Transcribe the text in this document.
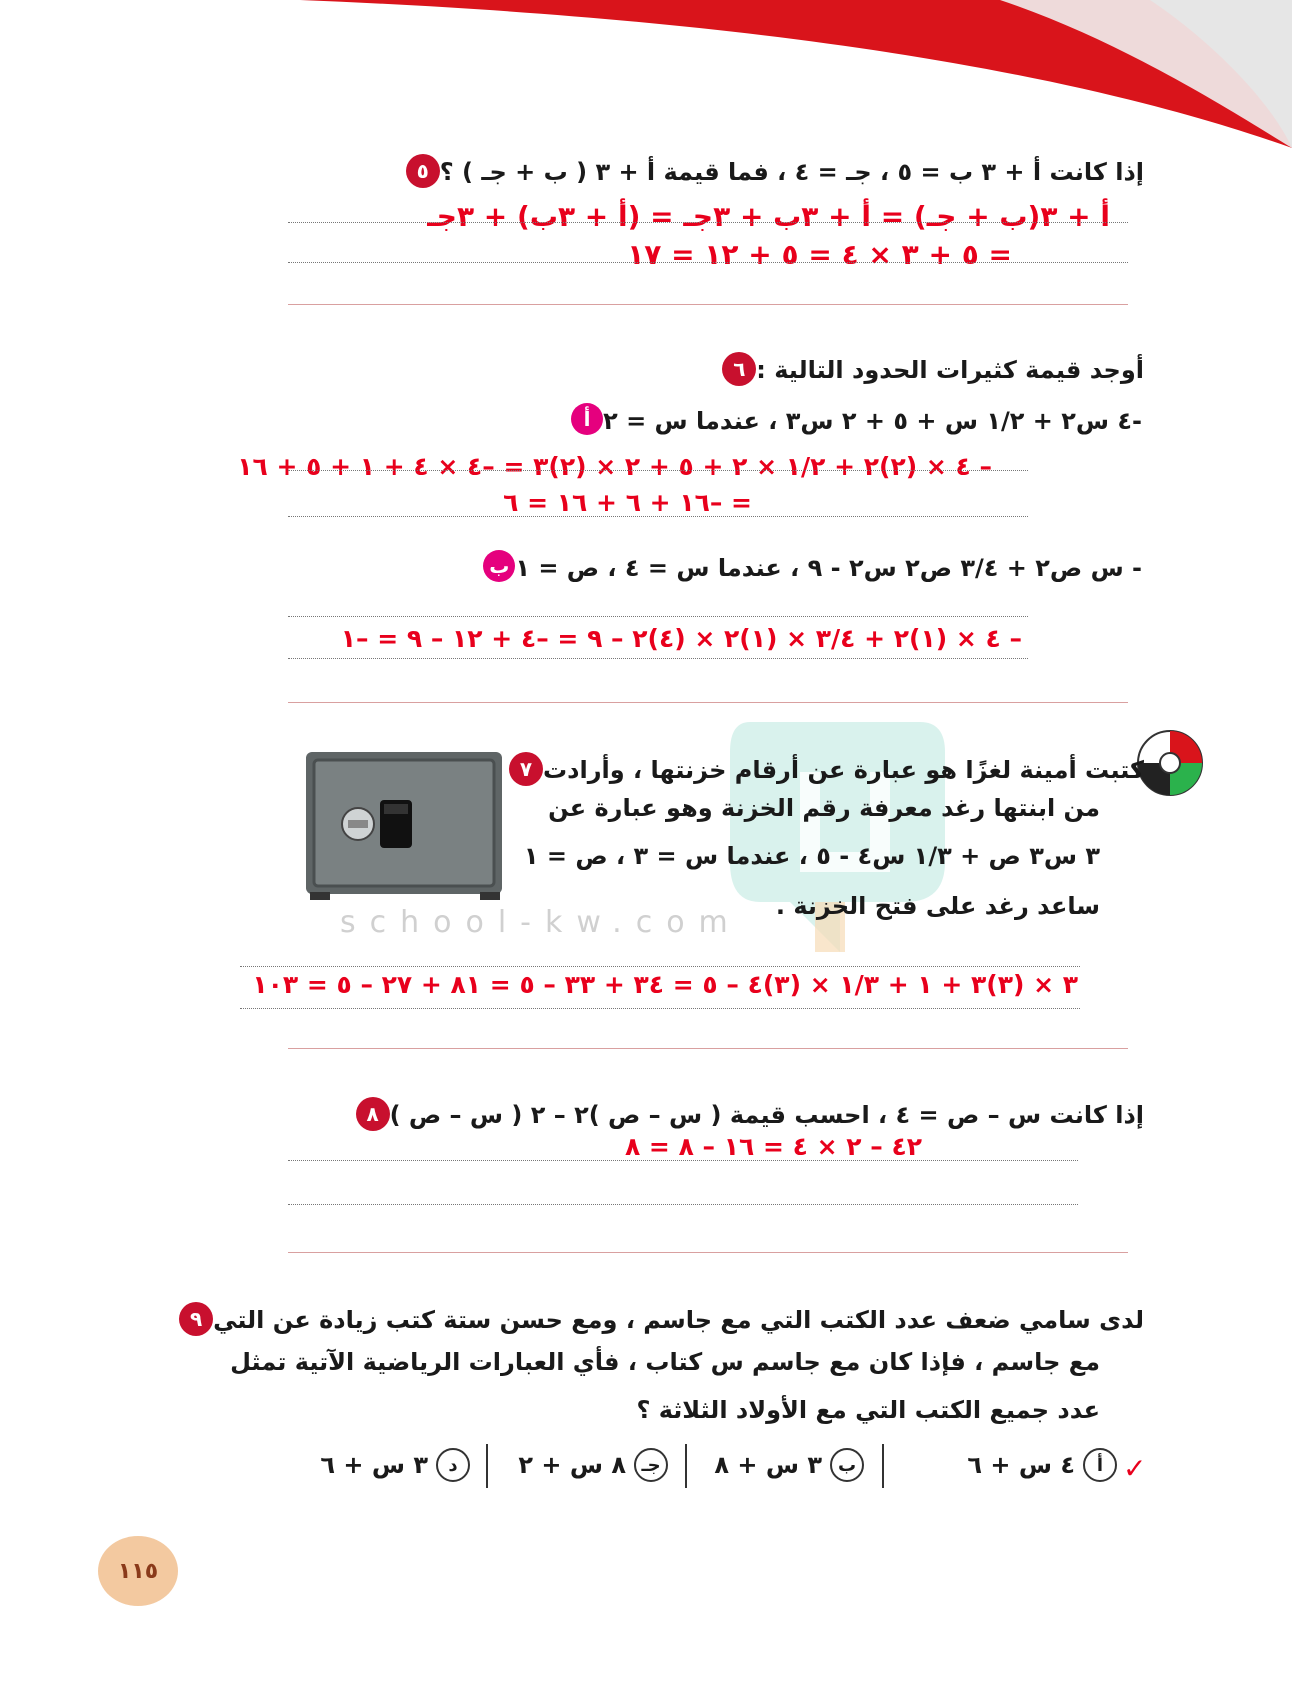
٥ إذا كانت أ + ٣ ب = ٥ ، جـ = ٤ ، فما قيمة أ + ٣ ( ب + جـ ) ؟
أ + ٣(ب + جـ) = أ + ٣ب + ٣جـ = (أ + ٣ب) + ٣جـ
= ٥ + ٣ × ٤ = ٥ + ١٢ = ١٧
٦ أوجد قيمة كثيرات الحدود التالية :
أ -٤ س٢ + ١/٢ س + ٥ + ٢ س٣ ، عندما س = ٢
– ٤ × (٢)٢ + ١/٢ × ٢ + ٥ + ٢ × (٢)٣ = –٤ × ٤ + ١ + ٥ + ١٦
= –١٦ + ٦ + ١٦ = ٦
ب - س ص٢ + ٣/٤ ص٢ س٢ - ٩ ، عندما س = ٤ ، ص = ١
– ٤ × (١)٢ + ٣/٤ × (١)٢ × (٤)٢ – ٩ = –٤ + ١٢ – ٩ = –١
school-kw.com
٧ كتبت أمينة لغزًا هو عبارة عن أرقام خزنتها ، وأرادت
من ابنتها رغد معرفة رقم الخزنة وهو عبارة عن
٣ س٣ ص + ١/٣ س٤ - ٥ ، عندما س = ٣ ، ص = ١
ساعد رغد على فتح الخزنة .
٣ × (٣)٣ + ١ + ١/٣ × (٣)٤ – ٥ = ٣٤ + ٣٣ – ٥ = ٨١ + ٢٧ – ٥ = ١٠٣
٨ إذا كانت س – ص = ٤ ، احسب قيمة ( س – ص )٢ – ٢ ( س – ص )
٤٢ – ٢ × ٤ = ١٦ – ٨ = ٨
٩ لدى سامي ضعف عدد الكتب التي مع جاسم ، ومع حسن ستة كتب زيادة عن التي
مع جاسم ، فإذا كان مع جاسم س كتاب ، فأي العبارات الرياضية الآتية تمثل
عدد جميع الكتب التي مع الأولاد الثلاثة ؟
✓
أ
٤ س + ٦
ب
٣ س + ٨
جـ
٨ س + ٢
د
٣ س + ٦
١١٥
